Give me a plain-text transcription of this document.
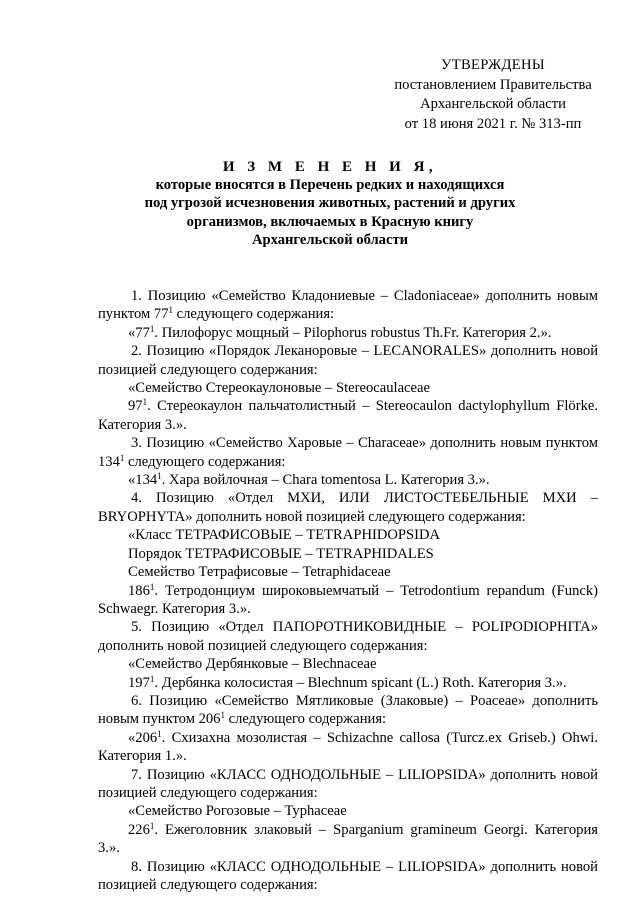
УТВЕРЖДЕНЫ
постановлением Правительства
Архангельской области
от 18 июня 2021 г. № 313-пп
И З М Е Н Е Н И Я,
которые вносятся в Перечень редких и находящихся
под угрозой исчезновения животных, растений и других
организмов, включаемых в Красную книгу
Архангельской области

1. Позицию «Семейство Кладониевые – Cladoniaceae» дополнить новым пунктом $77^1$ следующего содержания:

«$77^1$. Пилофорус мощный – Pilophorus robustus Th.Fr. Категория 2.».

2. Позицию «Порядок Леканоровые – LECANORALES» дополнить новой позицией следующего содержания:

«Семейство Стереокаулоновые – Stereocaulaceae

$97^1$. Стереокаулон пальчатолистный – Stereocaulon dactylophyllum Flörke. Категория 3.».

3. Позицию «Семейство Харовые – Characeae» дополнить новым пунктом $134^1$ следующего содержания:

«$134^1$. Хара войлочная – Chara tomentosa L. Категория 3.».

4. Позицию «Отдел МХИ, ИЛИ ЛИСТОСТЕБЕЛЬНЫЕ МХИ – BRYOPHYTA» дополнить новой позицией следующего содержания:

«Класс ТЕТРАФИСОВЫЕ – TETRAPHIDOPSIDA

Порядок ТЕТРАФИСОВЫЕ – TETRAPHIDALES

Семейство Тетрафисовые – Tetraphidaceae

$186^1$. Тетродонциум широковыемчатый – Tetrodontium repandum (Funck) Schwaegr. Категория 3.».

5. Позицию «Отдел ПАПОРОТНИКОВИДНЫЕ – POLIPODIOPHITA» дополнить новой позицией следующего содержания:

«Семейство Дербянковые – Blechnaceae

$197^1$. Дербянка колосистая – Blechnum spicant (L.) Roth. Категория 3.».

6. Позицию «Семейство Мятликовые (Злаковые) – Poaceae» дополнить новым пунктом $206^1$ следующего содержания:

«$206^1$. Схизахна мозолистая – Schizachne callosa (Turcz.ex Griseb.) Ohwi. Категория 1.».

7. Позицию «КЛАСС ОДНОДОЛЬНЫЕ – LILIOPSIDA» дополнить новой позицией следующего содержания:

«Семейство Рогозовые – Typhaceae

$226^1$. Ежеголовник злаковый – Sparganium gramineum Georgi. Категория 3.».

8. Позицию «КЛАСС ОДНОДОЛЬНЫЕ – LILIOPSIDA» дополнить новой позицией следующего содержания:
